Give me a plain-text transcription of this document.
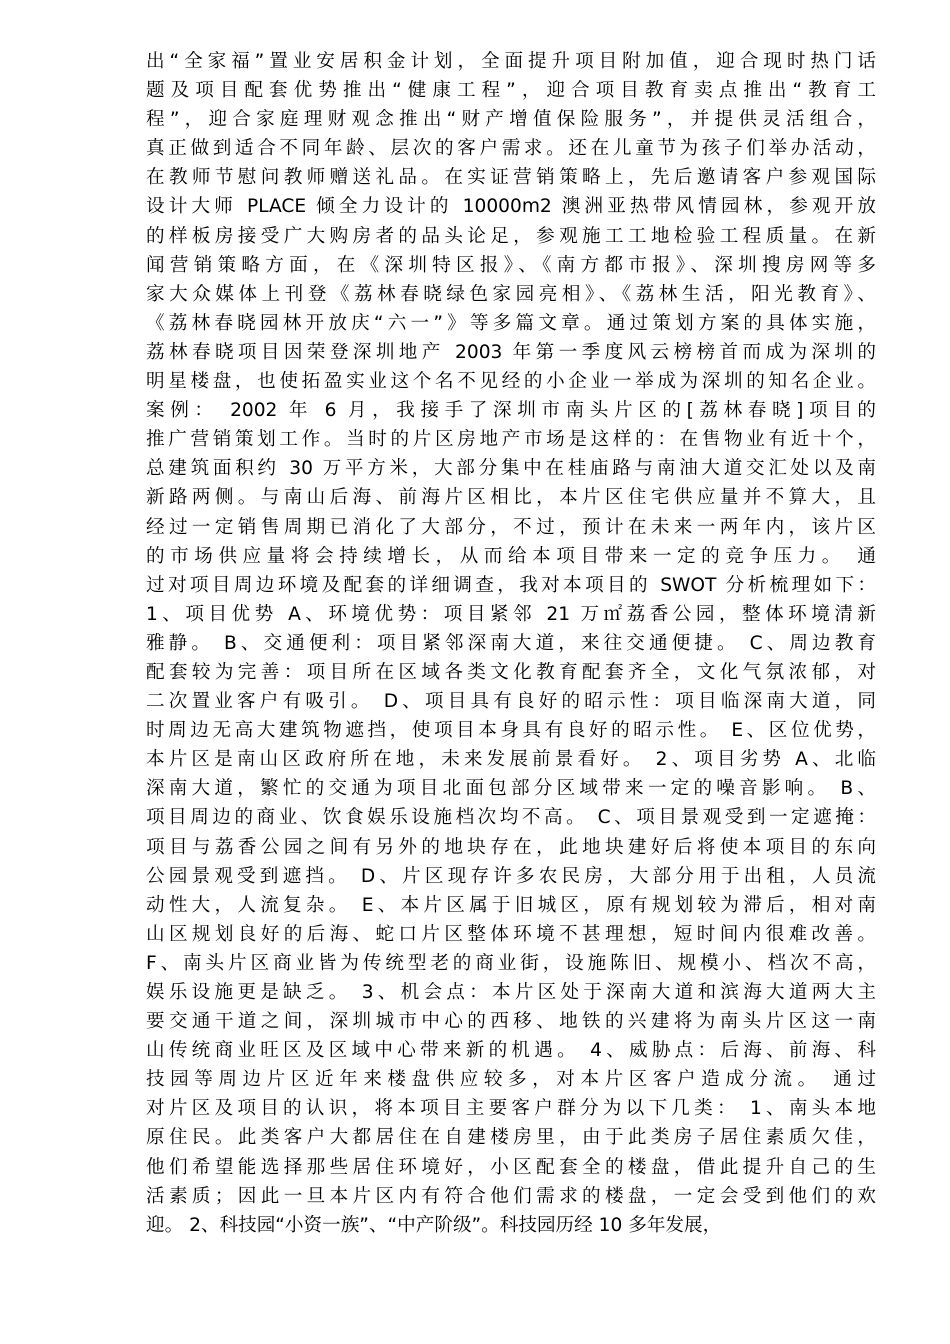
出“全家福”置业安居积金计划，全面提升项目附加值，迎合现时热门话
题及项目配套优势推出“健康工程”，迎合项目教育卖点推出“教育工
程”，迎合家庭理财观念推出“财产增值保险服务”，并提供灵活组合，
真正做到适合不同年龄、层次的客户需求。还在儿童节为孩子们举办活动，
在教师节慰问教师赠送礼品。在实证营销策略上，先后邀请客户参观国际
设计大师 PLACE 倾全力设计的 10000m2 澳洲亚热带风情园林，参观开放
的样板房接受广大购房者的品头论足，参观施工工地检验工程质量。在新
闻营销策略方面，在《深圳特区报》、《南方都市报》、深圳搜房网等多
家大众媒体上刊登《荔林春晓绿色家园亮相》、《荔林生活，阳光教育》、
《荔林春晓园林开放庆“六一”》等多篇文章。通过策划方案的具体实施，
荔林春晓项目因荣登深圳地产 2003 年第一季度风云榜榜首而成为深圳的
明星楼盘，也使拓盈实业这个名不见经的小企业一举成为深圳的知名企业。
案例： 2002 年 6 月，我接手了深圳市南头片区的[荔林春晓]项目的
推广营销策划工作。当时的片区房地产市场是这样的：在售物业有近十个，
总建筑面积约 30 万平方米，大部分集中在桂庙路与南油大道交汇处以及南
新路两侧。与南山后海、前海片区相比，本片区住宅供应量并不算大，且
经过一定销售周期已消化了大部分，不过，预计在未来一两年内，该片区
的市场供应量将会持续增长，从而给本项目带来一定的竞争压力。 通
过对项目周边环境及配套的详细调查，我对本项目的 SWOT 分析梳理如下：
1、项目优势 A、环境优势：项目紧邻 21 万㎡荔香公园，整体环境清新
雅静。 B、交通便利：项目紧邻深南大道，来往交通便捷。 C、周边教育
配套较为完善：项目所在区域各类文化教育配套齐全，文化气氛浓郁，对
二次置业客户有吸引。 D、项目具有良好的昭示性：项目临深南大道，同
时周边无高大建筑物遮挡，使项目本身具有良好的昭示性。 E、区位优势，
本片区是南山区政府所在地，未来发展前景看好。 2、项目劣势 A、北临
深南大道，繁忙的交通为项目北面包部分区域带来一定的噪音影响。 B、
项目周边的商业、饮食娱乐设施档次均不高。 C、项目景观受到一定遮掩：
项目与荔香公园之间有另外的地块存在，此地块建好后将使本项目的东向
公园景观受到遮挡。 D、片区现存许多农民房，大部分用于出租，人员流
动性大，人流复杂。 E、本片区属于旧城区，原有规划较为滞后，相对南
山区规划良好的后海、蛇口片区整体环境不甚理想，短时间内很难改善。
F、南头片区商业皆为传统型老的商业街，设施陈旧、规模小、档次不高，
娱乐设施更是缺乏。 3、机会点：本片区处于深南大道和滨海大道两大主
要交通干道之间，深圳城市中心的西移、地铁的兴建将为南头片区这一南
山传统商业旺区及区域中心带来新的机遇。 4、威胁点：后海、前海、科
技园等周边片区近年来楼盘供应较多，对本片区客户造成分流。 通过
对片区及项目的认识，将本项目主要客户群分为以下几类： 1、南头本地
原住民。此类客户大都居住在自建楼房里，由于此类房子居住素质欠佳，
他们希望能选择那些居住环境好，小区配套全的楼盘，借此提升自己的生
活素质；因此一旦本片区内有符合他们需求的楼盘，一定会受到他们的欢
迎。 2、科技园“小资一族”、“中产阶级”。科技园历经 10 多年发展，
